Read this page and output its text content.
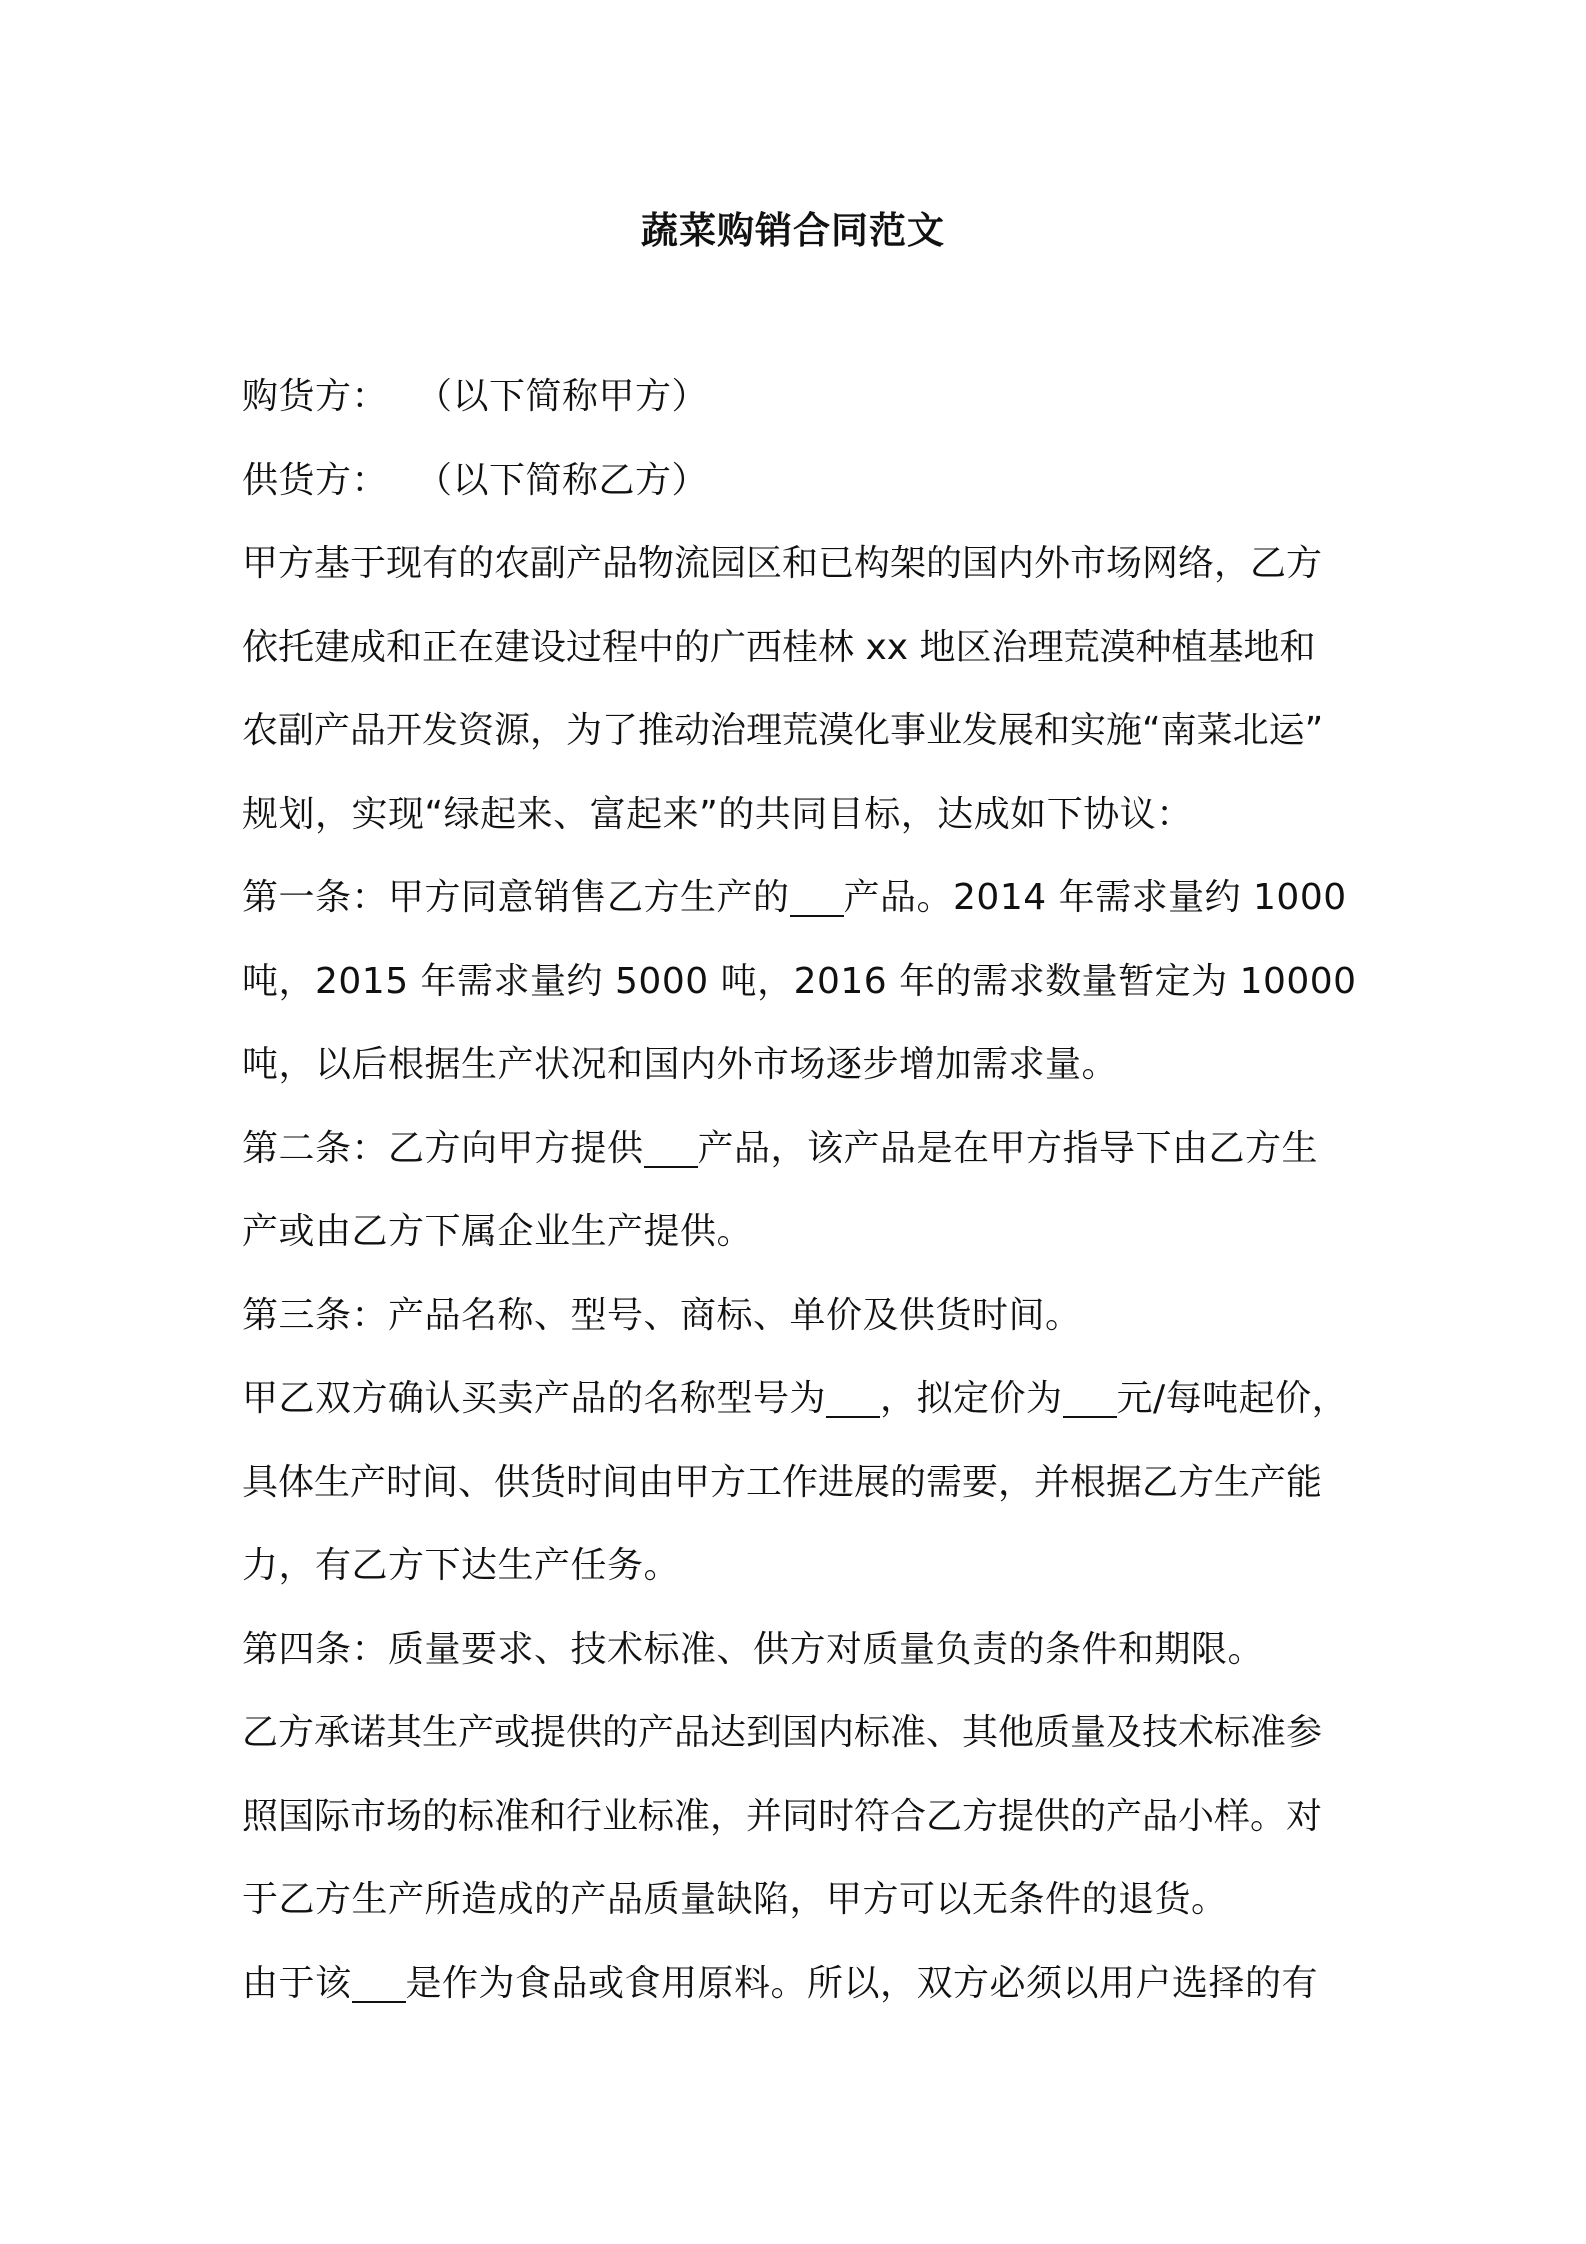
蔬菜购销合同范文
购货方： （以下简称甲方）
供货方： （以下简称乙方）
甲方基于现有的农副产品物流园区和已构架的国内外市场网络，乙方
依托建成和正在建设过程中的广西桂林 xx 地区治理荒漠种植基地和
农副产品开发资源，为了推动治理荒漠化事业发展和实施“南菜北运”
规划，实现“绿起来、富起来”的共同目标，达成如下协议：
第一条：甲方同意销售乙方生产的 产品。2014 年需求量约 1000
吨，2015 年需求量约 5000 吨，2016 年的需求数量暂定为 10000
吨，以后根据生产状况和国内外市场逐步增加需求量。
第二条：乙方向甲方提供 产品，该产品是在甲方指导下由乙方生
产或由乙方下属企业生产提供。
第三条：产品名称、型号、商标、单价及供货时间。
甲乙双方确认买卖产品的名称型号为 ，拟定价为 元/每吨起价，
具体生产时间、供货时间由甲方工作进展的需要，并根据乙方生产能
力，有乙方下达生产任务。
第四条：质量要求、技术标准、供方对质量负责的条件和期限。
乙方承诺其生产或提供的产品达到国内标准、其他质量及技术标准参
照国际市场的标准和行业标准，并同时符合乙方提供的产品小样。对
于乙方生产所造成的产品质量缺陷，甲方可以无条件的退货。
由于该 是作为食品或食用原料。所以，双方必须以用户选择的有
